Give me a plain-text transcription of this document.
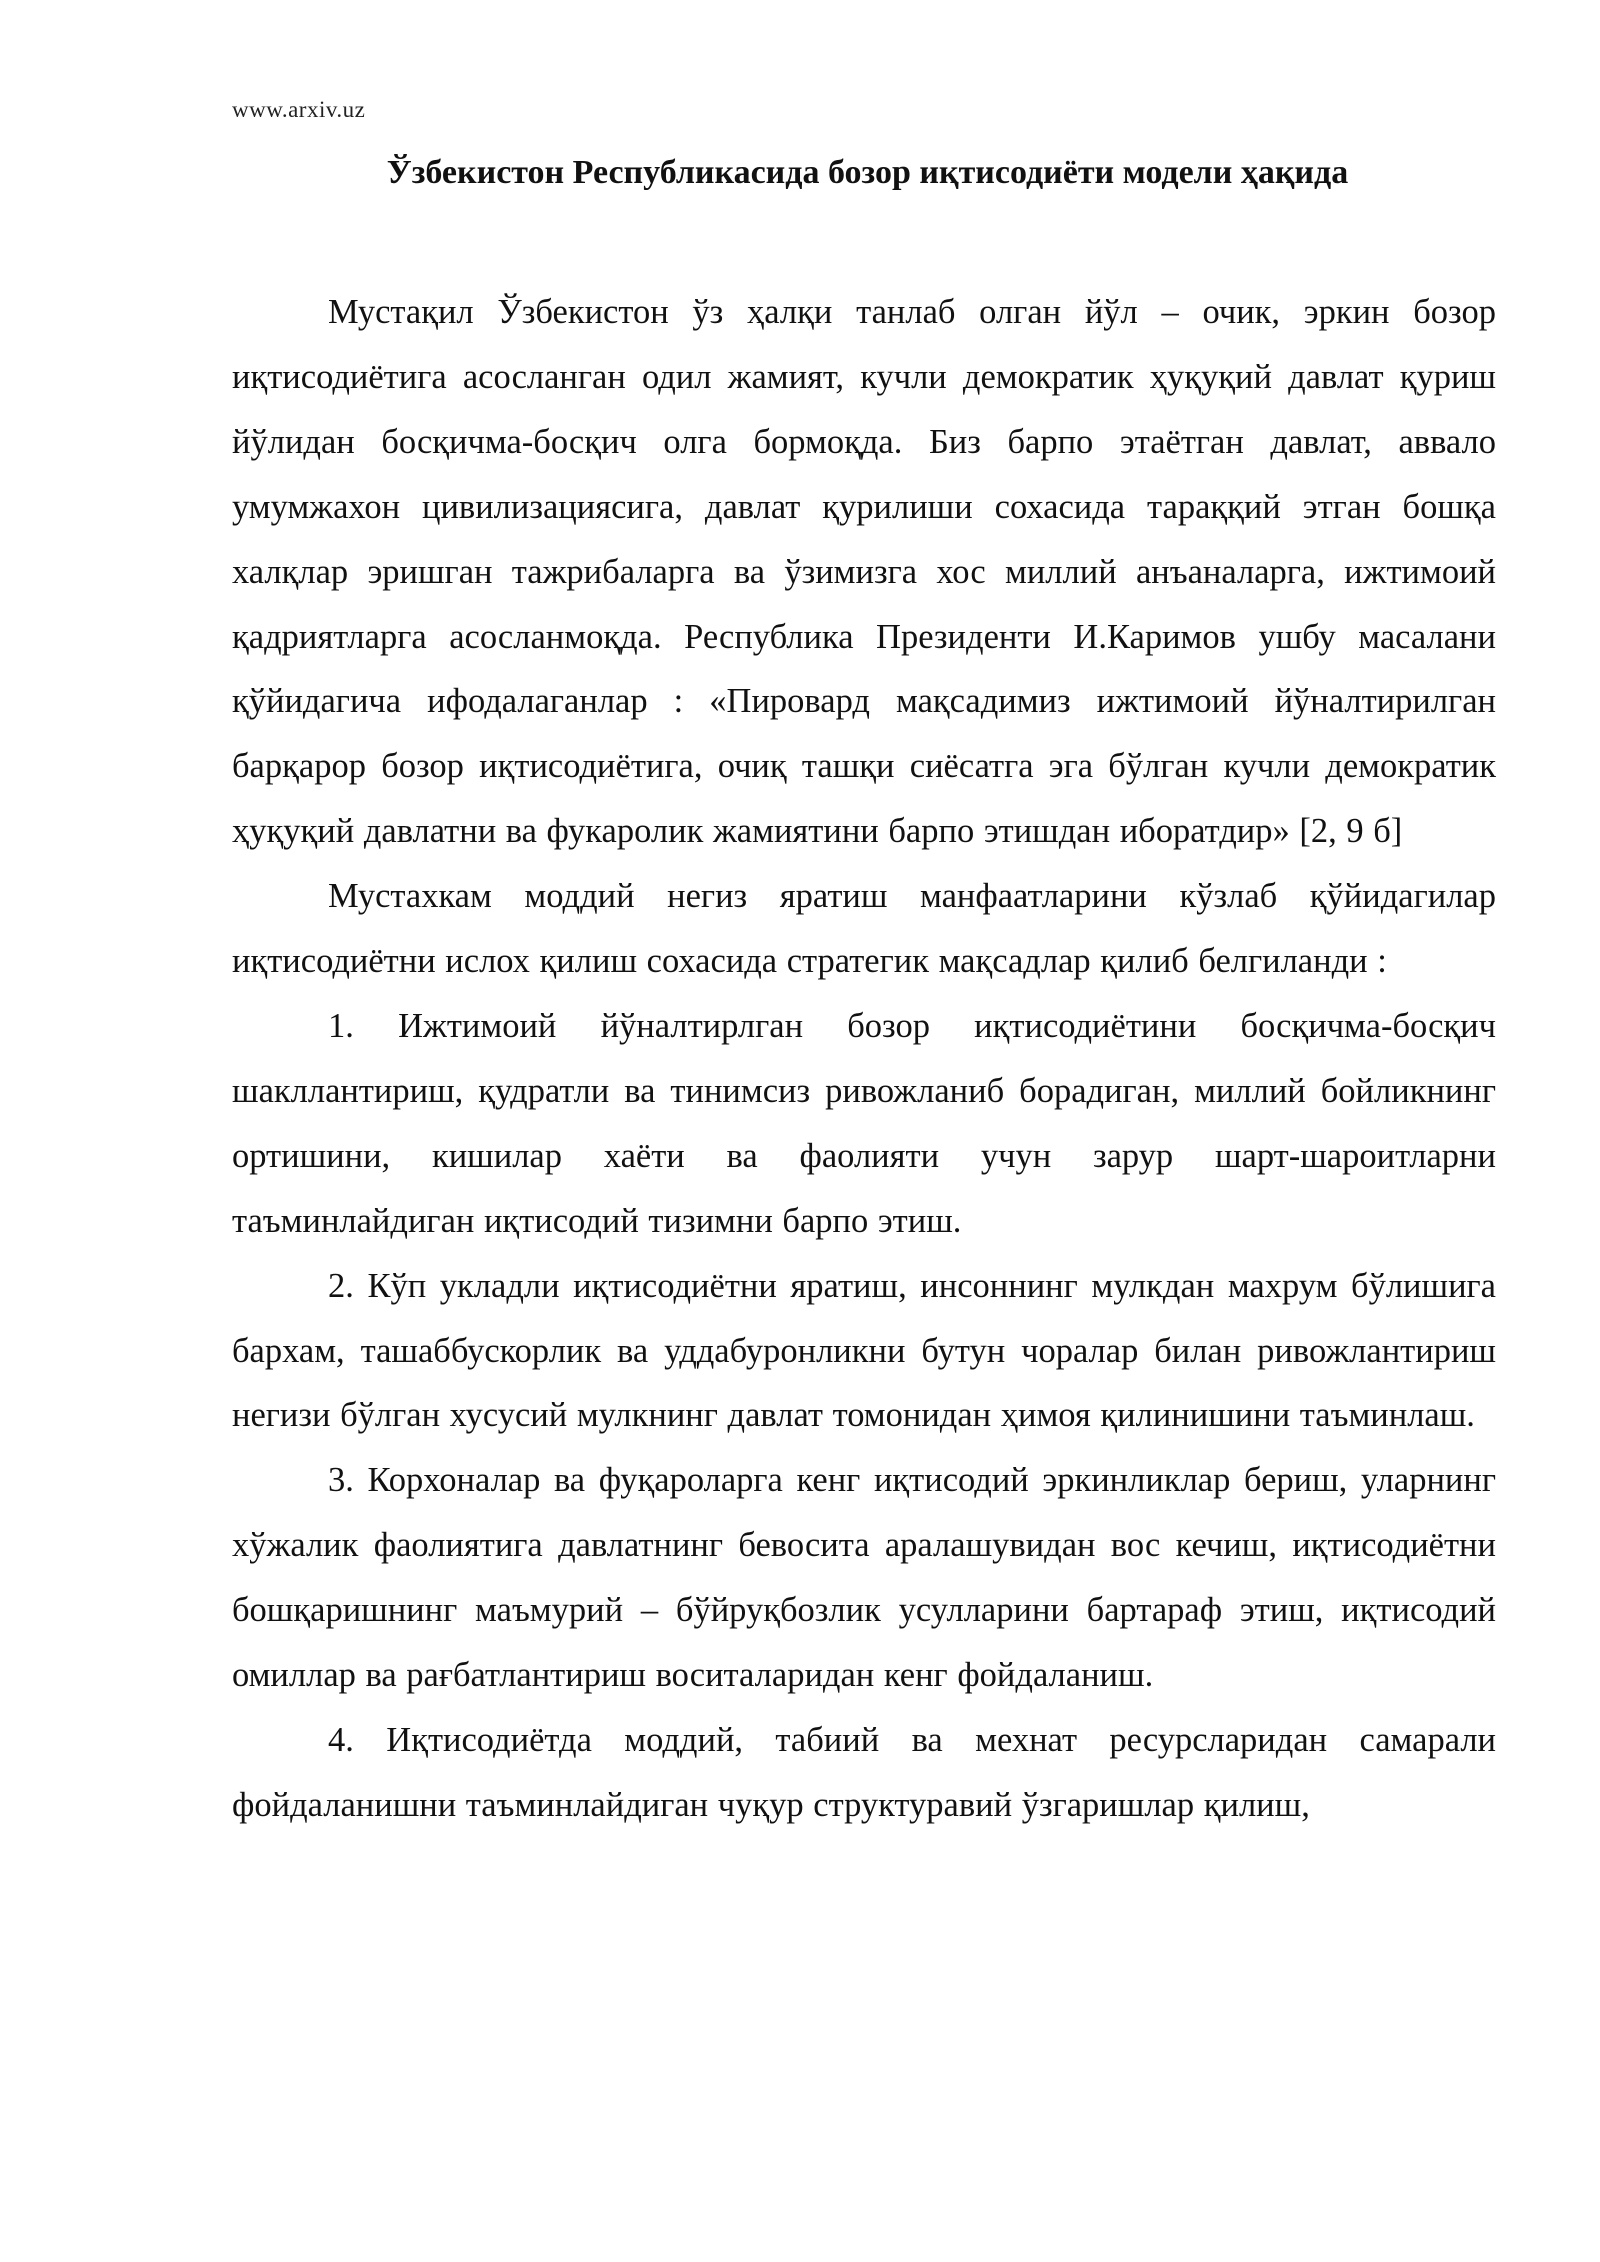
www.arxiv.uz
Ўзбекистон Республикасида бозор иқтисодиёти модели ҳақида

Мустақил Ўзбекистон ўз ҳалқи танлаб олган йўл – очик, эркин бозор иқтисодиётига асосланган одил жамият, кучли демократик ҳуқуқий давлат қуриш йўлидан босқичма-босқич олга бормоқда. Биз барпо этаётган давлат, аввало умумжахон цивилизациясига, давлат қурилиши сохасида тараққий этган бошқа халқлар эришган тажрибаларга ва ўзимизга хос миллий анъаналарга, ижтимоий қадриятларга асосланмоқда. Республика Президенти И.Каримов ушбу масалани қўйидагича ифодалаганлар : «Пировард мақсадимиз ижтимоий йўналтирилган барқарор бозор иқтисодиётига, очиқ ташқи сиёсатга эга бўлган кучли демократик ҳуқуқий давлатни ва фукаролик жамиятини барпо этишдан иборатдир» [2, 9 б]

Мустахкам моддий негиз яратиш манфаатларини кўзлаб қўйидагилар иқтисодиётни ислох қилиш сохасида стратегик мақсадлар қилиб белгиланди :

1. Ижтимоий йўналтирлган бозор иқтисодиётини босқичма-босқич шакллантириш, қудратли ва тинимсиз ривожланиб борадиган, миллий бойликнинг ортишини, кишилар хаёти ва фаолияти учун зарур шарт-шароитларни таъминлайдиган иқтисодий тизимни барпо этиш.

2. Кўп укладли иқтисодиётни яратиш, инсоннинг мулкдан махрум бўлишига бархам, ташаббускорлик ва уддабуронликни бутун чоралар билан ривожлантириш негизи бўлган хусусий мулкнинг давлат томонидан ҳимоя қилинишини таъминлаш.

3. Корхоналар ва фуқароларга кенг иқтисодий эркинликлар бериш, уларнинг хўжалик фаолиятига давлатнинг бевосита аралашувидан вос кечиш, иқтисодиётни бошқаришнинг маъмурий – бўйруқбозлик усулларини бартараф этиш, иқтисодий омиллар ва рағбатлантириш воситаларидан кенг фойдаланиш.

4. Иқтисодиётда моддий, табиий ва мехнат ресурсларидан самарали фойдаланишни таъминлайдиган чуқур структуравий ўзгаришлар қилиш,
